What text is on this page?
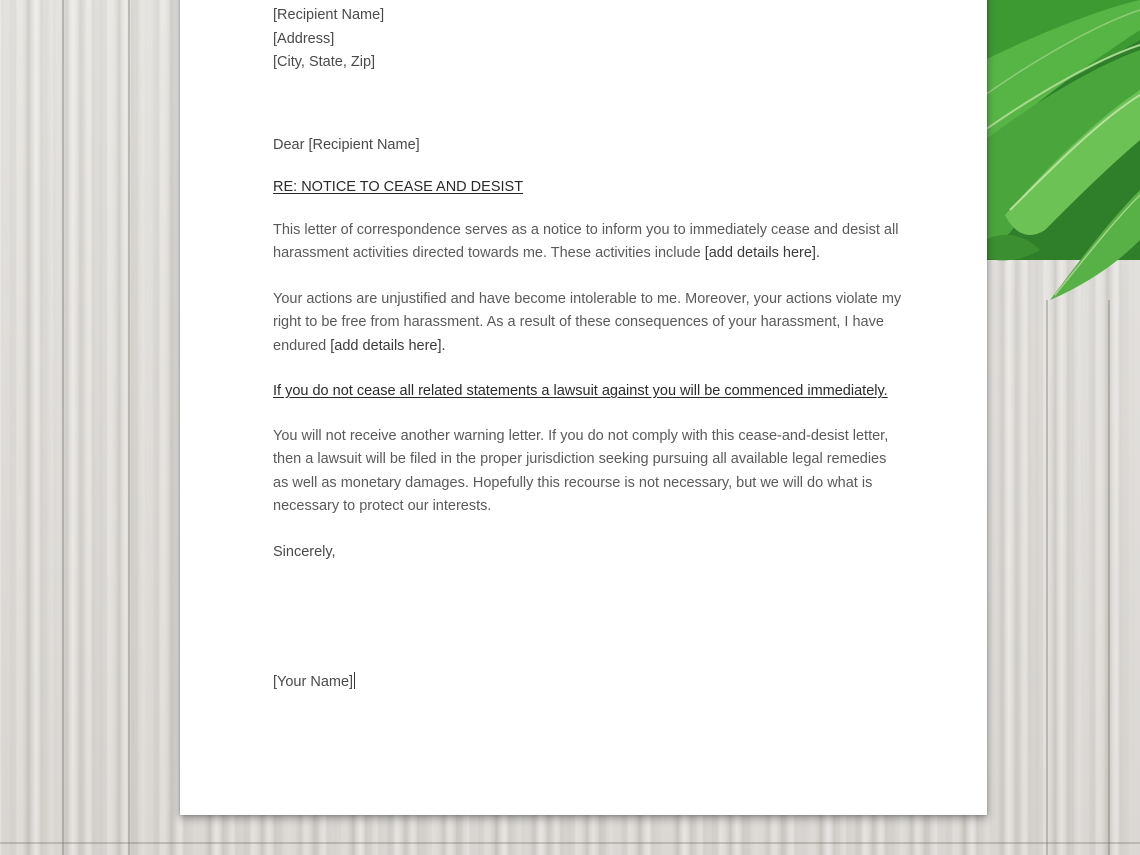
[Recipient Name]
[Address]
[City, State, Zip]

Dear [Recipient Name]

RE: NOTICE TO CEASE AND DESIST

This letter of correspondence serves as a notice to inform you to immediately cease and desist all harassment activities directed towards me. These activities include [add details here].

Your actions are unjustified and have become intolerable to me. Moreover, your actions violate my right to be free from harassment. As a result of these consequences of your harassment, I have endured [add details here].

If you do not cease all related statements a lawsuit against you will be commenced immediately.

You will not receive another warning letter. If you do not comply with this cease-and-desist letter, then a lawsuit will be filed in the proper jurisdiction seeking pursuing all available legal remedies as well as monetary damages. Hopefully this recourse is not necessary, but we will do what is necessary to protect our interests.

Sincerely,

[Your Name]
